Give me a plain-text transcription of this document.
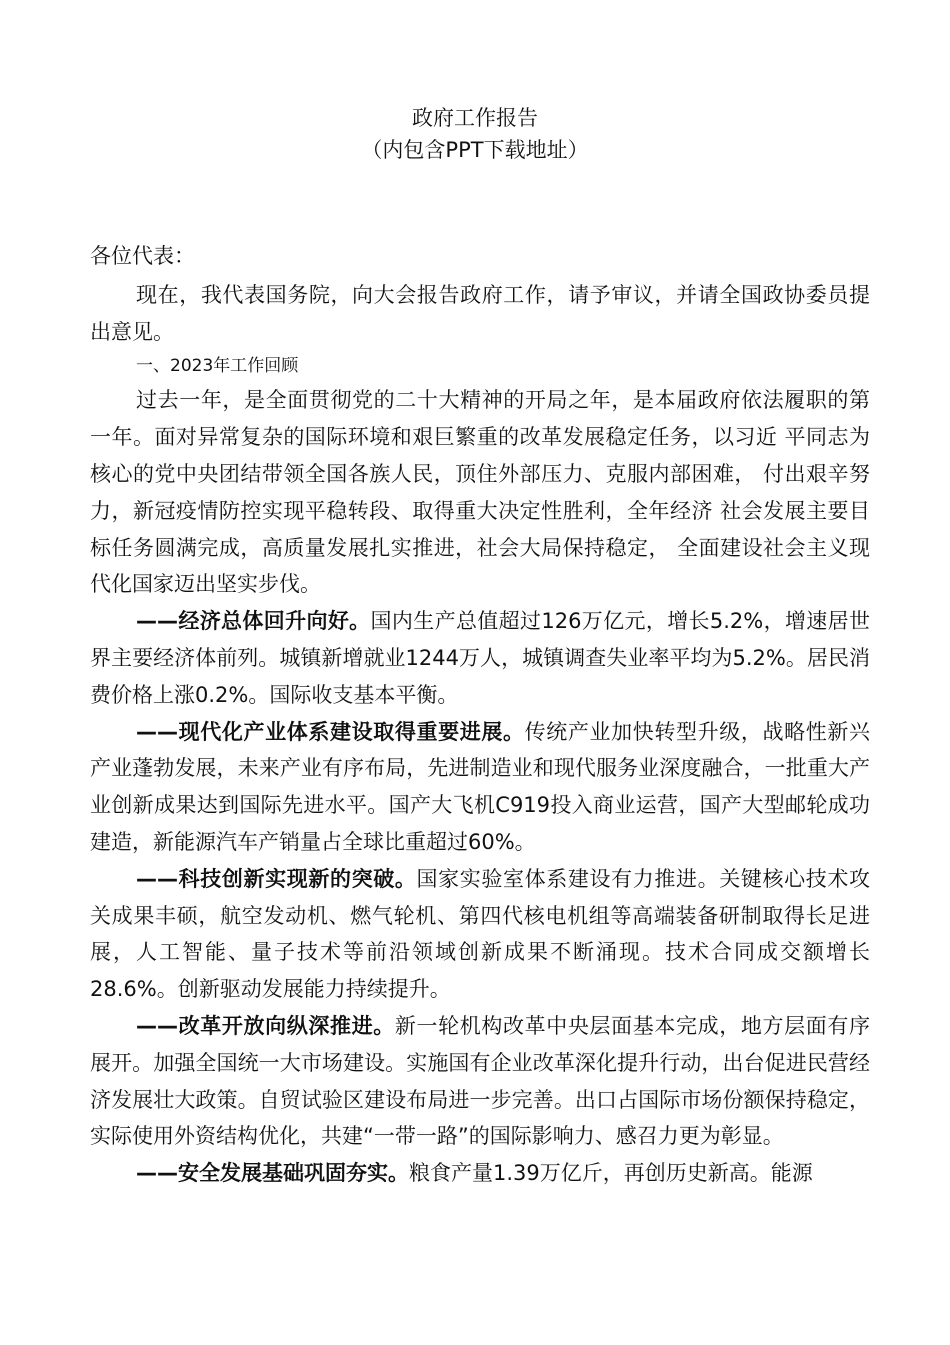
政府工作报告

（内包含PPT下载地址）

各位代表：

现在，我代表国务院，向大会报告政府工作，请予审议，并请全国政协委员提出意见。

一、2023年工作回顾

过去一年，是全面贯彻党的二十大精神的开局之年，是本届政府依法履职的第一年。面对异常复杂的国际环境和艰巨繁重的改革发展稳定任务，以习近 平同志为核心的党中央团结带领全国各族人民，顶住外部压力、克服内部困难， 付出艰辛努力，新冠疫情防控实现平稳转段、取得重大决定性胜利，全年经济 社会发展主要目标任务圆满完成，高质量发展扎实推进，社会大局保持稳定， 全面建设社会主义现代化国家迈出坚实步伐。

——经济总体回升向好。国内生产总值超过126万亿元，增长5.2%，增速居世界主要经济体前列。城镇新增就业1244万人，城镇调查失业率平均为5.2%。居民消费价格上涨0.2%。国际收支基本平衡。

——现代化产业体系建设取得重要进展。传统产业加快转型升级，战略性新兴产业蓬勃发展，未来产业有序布局，先进制造业和现代服务业深度融合，一批重大产业创新成果达到国际先进水平。国产大飞机C919投入商业运营，国产大型邮轮成功建造，新能源汽车产销量占全球比重超过60%。

——科技创新实现新的突破。国家实验室体系建设有力推进。关键核心技术攻关成果丰硕，航空发动机、燃气轮机、第四代核电机组等高端装备研制取得长足进展，人工智能、量子技术等前沿领域创新成果不断涌现。技术合同成交额增长28.6%。创新驱动发展能力持续提升。

——改革开放向纵深推进。新一轮机构改革中央层面基本完成，地方层面有序展开。加强全国统一大市场建设。实施国有企业改革深化提升行动，出台促进民营经济发展壮大政策。自贸试验区建设布局进一步完善。出口占国际市场份额保持稳定，实际使用外资结构优化，共建“一带一路”的国际影响力、感召力更为彰显。

——安全发展基础巩固夯实。粮食产量1.39万亿斤，再创历史新高。能源
